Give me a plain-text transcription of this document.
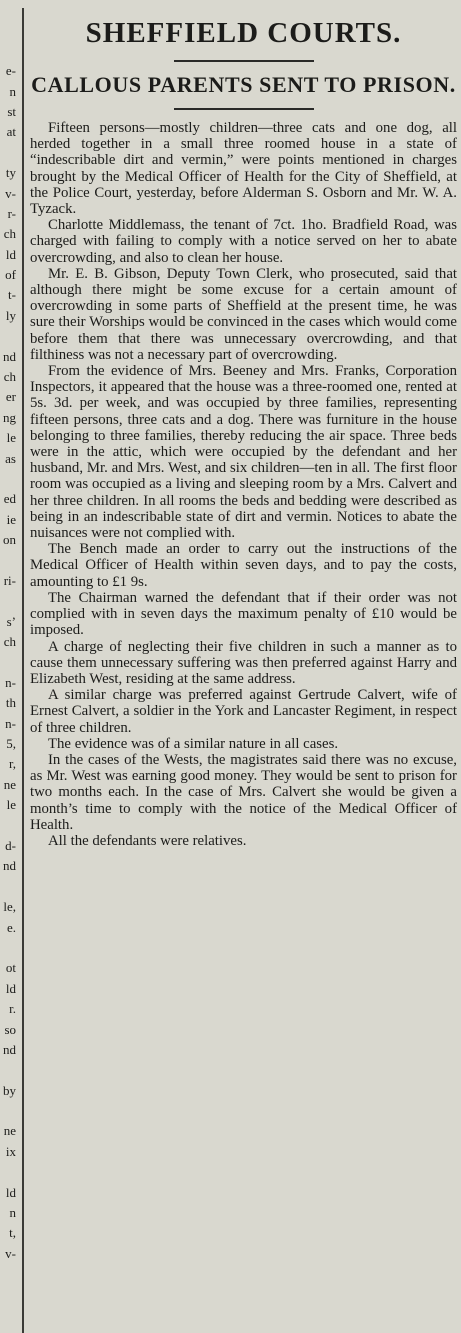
e-
n
st
at
ty
v-
r-
ch
ld
of
t-
ly
nd
ch
er
ng
le
as
ed
ie
on
ri-
s’
ch
n-
th
n-
5,
r,
ne
le
d-
nd
le,
e.
ot
ld
r.
so
nd
by
ne
ix
ld
n
t,
v-
SHEFFIELD COURTS.
CALLOUS PARENTS SENT TO PRISON.

Fifteen persons—mostly children—three cats and one dog, all herded together in a small three roomed house in a state of “indescribable dirt and vermin,” were points mentioned in charges brought by the Medical Officer of Health for the City of Sheffield, at the Police Court, yesterday, before Alderman S. Osborn and Mr. W. A. Tyzack.

Charlotte Middlemass, the tenant of 7ct. 1ho. Bradfield Road, was charged with failing to comply with a notice served on her to abate overcrowding, and also to clean her house.

Mr. E. B. Gibson, Deputy Town Clerk, who prosecuted, said that although there might be some excuse for a certain amount of overcrowding in some parts of Sheffield at the present time, he was sure their Worships would be convinced in the cases which would come before them that there was unnecessary overcrowding, and that filthiness was not a necessary part of overcrowding.

From the evidence of Mrs. Beeney and Mrs. Franks, Corporation Inspectors, it appeared that the house was a three-roomed one, rented at 5s. 3d. per week, and was occupied by three families, representing fifteen persons, three cats and a dog. There was furniture in the house belonging to three families, thereby reducing the air space. Three beds were in the attic, which were occupied by the defendant and her husband, Mr. and Mrs. West, and six children—ten in all. The first floor room was occupied as a living and sleeping room by a Mrs. Calvert and her three children. In all rooms the beds and bedding were described as being in an indescribable state of dirt and vermin. Notices to abate the nuisances were not complied with.

The Bench made an order to carry out the instructions of the Medical Officer of Health within seven days, and to pay the costs, amounting to £1 9s.

The Chairman warned the defendant that if their order was not complied with in seven days the maximum penalty of £10 would be imposed.

A charge of neglecting their five children in such a manner as to cause them unnecessary suffering was then preferred against Harry and Elizabeth West, residing at the same address.

A similar charge was preferred against Gertrude Calvert, wife of Ernest Calvert, a soldier in the York and Lancaster Regiment, in respect of three children.

The evidence was of a similar nature in all cases.

In the cases of the Wests, the magistrates said there was no excuse, as Mr. West was earning good money. They would be sent to prison for two months each. In the case of Mrs. Calvert she would be given a month’s time to comply with the notice of the Medical Officer of Health.

All the defendants were relatives.
